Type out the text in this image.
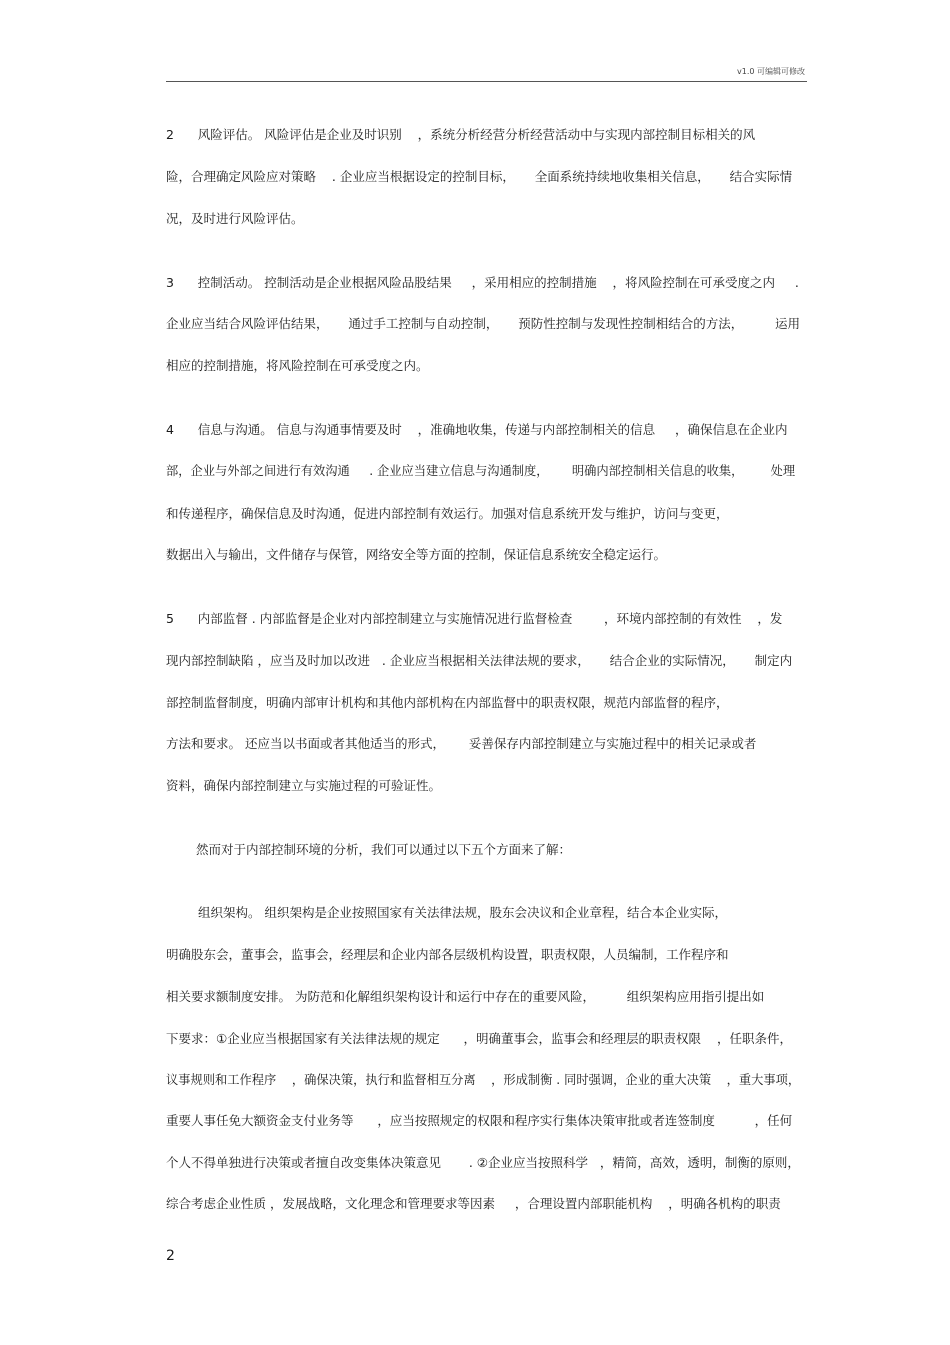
v1.0 可编辑可修改
2      风险评估。 风险评估是企业及时识别    ，系统分析经营分析经营活动中与实现内部控制目标相关的风
险，合理确定风险应对策略    . 企业应当根据设定的控制目标，     全面系统持续地收集相关信息，     结合实际情
况，及时进行风险评估。
3      控制活动。 控制活动是企业根据风险品股结果     ，采用相应的控制措施    ，将风险控制在可承受度之内     .
企业应当结合风险评估结果，     通过手工控制与自动控制，     预防性控制与发现性控制相结合的方法，        运用
相应的控制措施，将风险控制在可承受度之内。
4      信息与沟通。 信息与沟通事情要及时    ，准确地收集，传递与内部控制相关的信息     ，确保信息在企业内
部，企业与外部之间进行有效沟通     . 企业应当建立信息与沟通制度，      明确内部控制相关信息的收集，       处理
和传递程序，确保信息及时沟通，促进内部控制有效运行。加强对信息系统开发与维护，访问与变更，
数据出入与输出，文件储存与保管，网络安全等方面的控制，保证信息系统安全稳定运行。
5      内部监督 . 内部监督是企业对内部控制建立与实施情况进行监督检查        ，环境内部控制的有效性    ，发
现内部控制缺陷 ，应当及时加以改进   . 企业应当根据相关法律法规的要求，     结合企业的实际情况，     制定内
部控制监督制度，明确内部审计机构和其他内部机构在内部监督中的职责权限，规范内部监督的程序，
方法和要求。 还应当以书面或者其他适当的形式，      妥善保存内部控制建立与实施过程中的相关记录或者
资料，确保内部控制建立与实施过程的可验证性。
然而对于内部控制环境的分析，我们可以通过以下五个方面来了解：
组织架构。 组织架构是企业按照国家有关法律法规，股东会决议和企业章程，结合本企业实际，
明确股东会，董事会，监事会，经理层和企业内部各层级机构设置，职责权限，人员编制，工作程序和
相关要求额制度安排。 为防范和化解组织架构设计和运行中存在的重要风险，        组织架构应用指引提出如
下要求：①企业应当根据国家有关法律法规的规定      ，明确董事会，监事会和经理层的职责权限    ，任职条件，
议事规则和工作程序    ，确保决策，执行和监督相互分离    ，形成制衡 . 同时强调，企业的重大决策    ，重大事项，
重要人事任免大额资金支付业务等      ，应当按照规定的权限和程序实行集体决策审批或者连签制度          ，任何
个人不得单独进行决策或者擅自改变集体决策意见       . ②企业应当按照科学   ，精简，高效，透明，制衡的原则，
综合考虑企业性质 ，发展战略，文化理念和管理要求等因素     ，合理设置内部职能机构    ，明确各机构的职责
2
